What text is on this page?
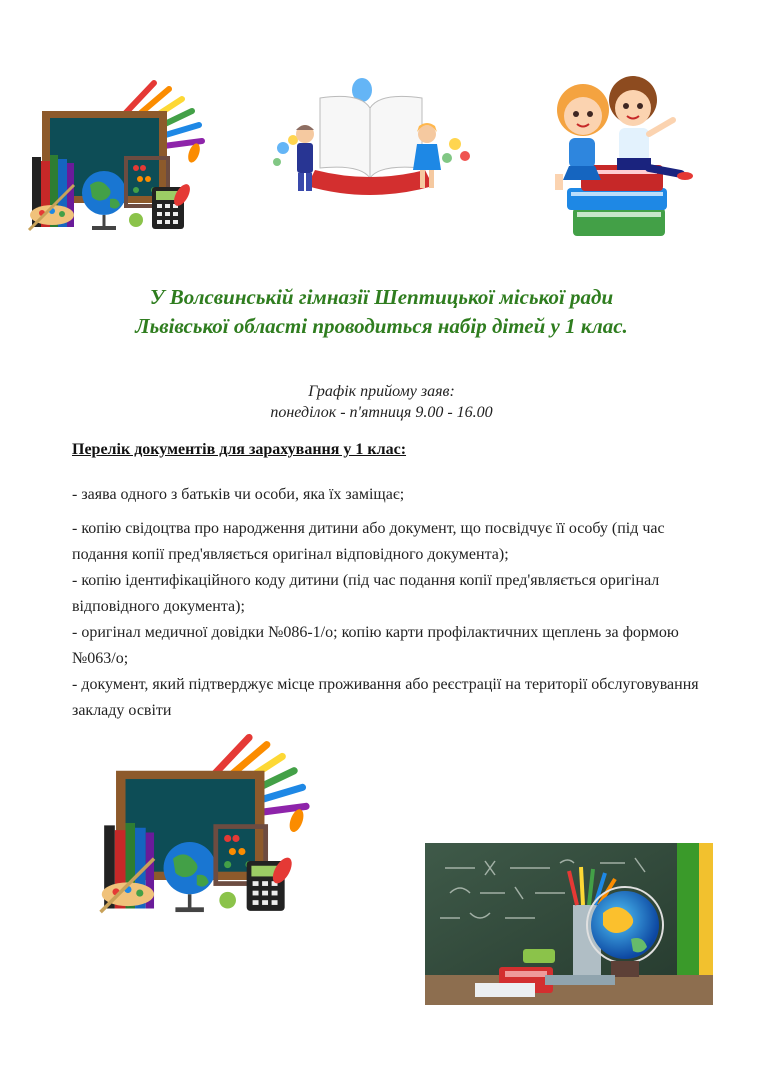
У Волсвинській гімназії Шептицької міської ради
Львівської області проводиться набір дітей у 1 клас.
Графік прийому заяв:
понеділок - п'ятниця 9.00 - 16.00
Перелік документів для зарахування у 1 клас:
- заява одного з батьків чи особи, яка їх заміщає;
- копію свідоцтва про народження дитини або документ, що посвідчує її особу (під час подання копії пред'являється оригінал відповідного документа);
- копію ідентифікаційного коду дитини (під час подання копії пред'являється оригінал відповідного документа);
- оригінал медичної довідки №086-1/о; копію карти профілактичних щеплень за формою №063/о;
- документ, який підтверджує місце проживання або реєстрації на території обслуговування закладу освіти
